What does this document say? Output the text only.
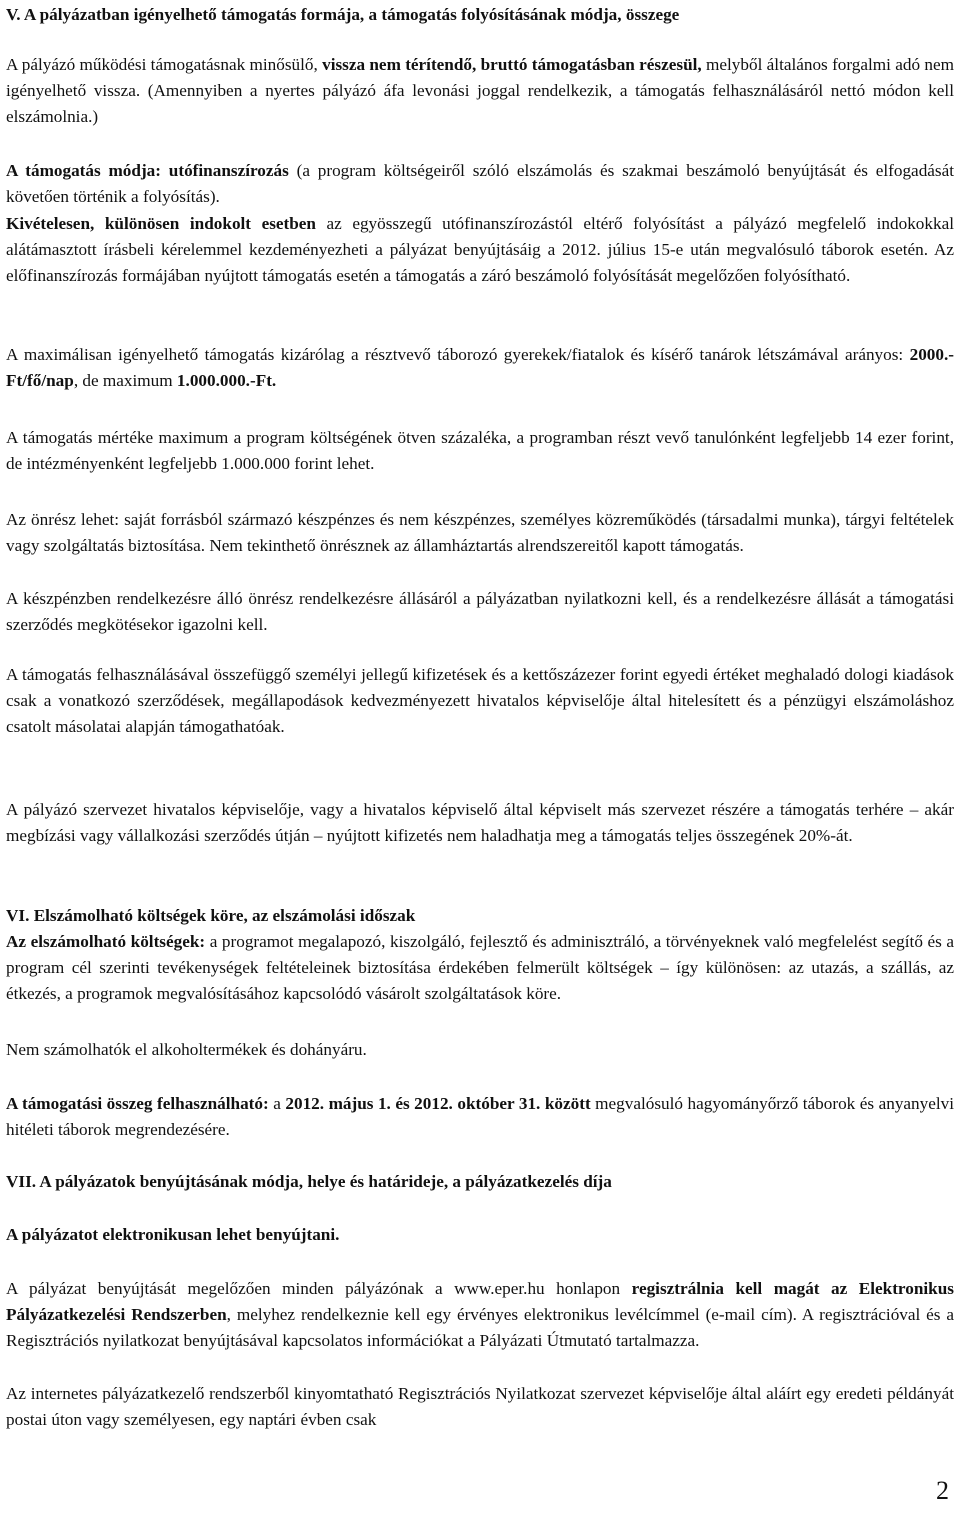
V. A pályázatban igényelhető támogatás formája, a támogatás folyósításának módja, összege

A pályázó működési támogatásnak minősülő, vissza nem térítendő, bruttó támogatásban részesül, melyből általános forgalmi adó nem igényelhető vissza. (Amennyiben a nyertes pályázó áfa levonási joggal rendelkezik, a támogatás felhasználásáról nettó módon kell elszámolnia.)

A támogatás módja: utófinanszírozás (a program költségeiről szóló elszámolás és szakmai beszámoló benyújtását és elfogadását követően történik a folyósítás).

Kivételesen, különösen indokolt esetben az egyösszegű utófinanszírozástól eltérő folyósítást a pályázó megfelelő indokokkal alátámasztott írásbeli kérelemmel kezdeményezheti a pályázat benyújtásáig a 2012. július 15-e után megvalósuló táborok esetén. Az előfinanszírozás formájában nyújtott támogatás esetén a támogatás a záró beszámoló folyósítását megelőzően folyósítható.

A maximálisan igényelhető támogatás kizárólag a résztvevő táborozó gyerekek/fiatalok és kísérő tanárok létszámával arányos: 2000.-Ft/fő/nap, de maximum 1.000.000.-Ft.

A támogatás mértéke maximum a program költségének ötven százaléka, a programban részt vevő tanulónként legfeljebb 14 ezer forint, de intézményenként legfeljebb 1.000.000 forint lehet.

Az önrész lehet: saját forrásból származó készpénzes és nem készpénzes, személyes közreműködés (társadalmi munka), tárgyi feltételek vagy szolgáltatás biztosítása. Nem tekinthető önrésznek az államháztartás alrendszereitől kapott támogatás.

A készpénzben rendelkezésre álló önrész rendelkezésre állásáról a pályázatban nyilatkozni kell, és a rendelkezésre állását a támogatási szerződés megkötésekor igazolni kell.

A támogatás felhasználásával összefüggő személyi jellegű kifizetések és a kettőszázezer forint egyedi értéket meghaladó dologi kiadások csak a vonatkozó szerződések, megállapodások kedvezményezett hivatalos képviselője által hitelesített és a pénzügyi elszámoláshoz csatolt másolatai alapján támogathatóak.

A pályázó szervezet hivatalos képviselője, vagy a hivatalos képviselő által képviselt más szervezet részére a támogatás terhére – akár megbízási vagy vállalkozási szerződés útján – nyújtott kifizetés nem haladhatja meg a támogatás teljes összegének 20%-át.

VI. Elszámolható költségek köre, az elszámolási időszak

Az elszámolható költségek: a programot megalapozó, kiszolgáló, fejlesztő és adminisztráló, a törvényeknek való megfelelést segítő és a program cél szerinti tevékenységek feltételeinek biztosítása érdekében felmerült költségek – így különösen: az utazás, a szállás, az étkezés, a programok megvalósításához kapcsolódó vásárolt szolgáltatások köre.

Nem számolhatók el alkoholtermékek és dohányáru.

A támogatási összeg felhasználható: a 2012. május 1. és 2012. október 31. között megvalósuló hagyományőrző táborok és anyanyelvi hitéleti táborok megrendezésére.

VII. A pályázatok benyújtásának módja, helye és határideje, a pályázatkezelés díja

A pályázatot elektronikusan lehet benyújtani.

A pályázat benyújtását megelőzően minden pályázónak a www.eper.hu honlapon regisztrálnia kell magát az Elektronikus Pályázatkezelési Rendszerben, melyhez rendelkeznie kell egy érvényes elektronikus levélcímmel (e-mail cím). A regisztrációval és a Regisztrációs nyilatkozat benyújtásával kapcsolatos információkat a Pályázati Útmutató tartalmazza.

Az internetes pályázatkezelő rendszerből kinyomtatható Regisztrációs Nyilatkozat szervezet képviselője által aláírt egy eredeti példányát postai úton vagy személyesen, egy naptári évben csak

2
